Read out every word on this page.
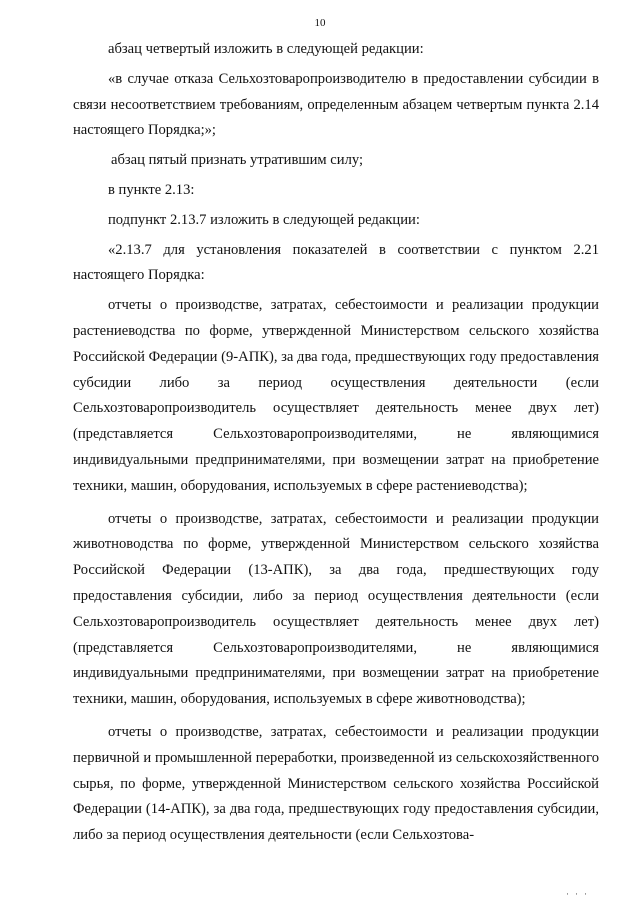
10

абзац четвертый изложить в следующей редакции:

«в случае отказа Сельхозтоваропроизводителю в предоставлении субсидии в связи несоответствием требованиям, определенным абзацем четвертым пункта 2.14 настоящего Порядка;»;

абзац пятый признать утратившим силу;

в пункте 2.13:

подпункт 2.13.7 изложить в следующей редакции:

«2.13.7 для установления показателей в соответствии с пунктом 2.21 настоящего Порядка:

отчеты о производстве, затратах, себестоимости и реализации продукции растениеводства по форме, утвержденной Министерством сельского хозяйства Российской Федерации (9-АПК), за два года, предшествующих году предоставления субсидии либо за период осуществления деятельности (если Сельхозтоваропроизводитель осуществляет деятельность менее двух лет) (представляется Сельхозтоваропроизводителями, не являющимися индивидуальными предпринимателями, при возмещении затрат на приобретение техники, машин, оборудования, используемых в сфере растениеводства);

отчеты о производстве, затратах, себестоимости и реализации продукции животноводства по форме, утвержденной Министерством сельского хозяйства Российской Федерации (13-АПК), за два года, предшествующих году предоставления субсидии, либо за период осуществления деятельности (если Сельхозтоваропроизводитель осуществляет деятельность менее двух лет) (представляется Сельхозтоваропроизводителями, не являющимися индивидуальными предпринимателями, при возмещении затрат на приобретение техники, машин, оборудования, используемых в сфере животноводства);

отчеты о производстве, затратах, себестоимости и реализации продукции первичной и промышленной переработки, произведенной из сельскохозяйственного сырья, по форме, утвержденной Министерством сельского хозяйства Российской Федерации (14-АПК), за два года, предшествующих году предоставления субсидии, либо за период осуществления деятельности (если Сельхозтова-

···
